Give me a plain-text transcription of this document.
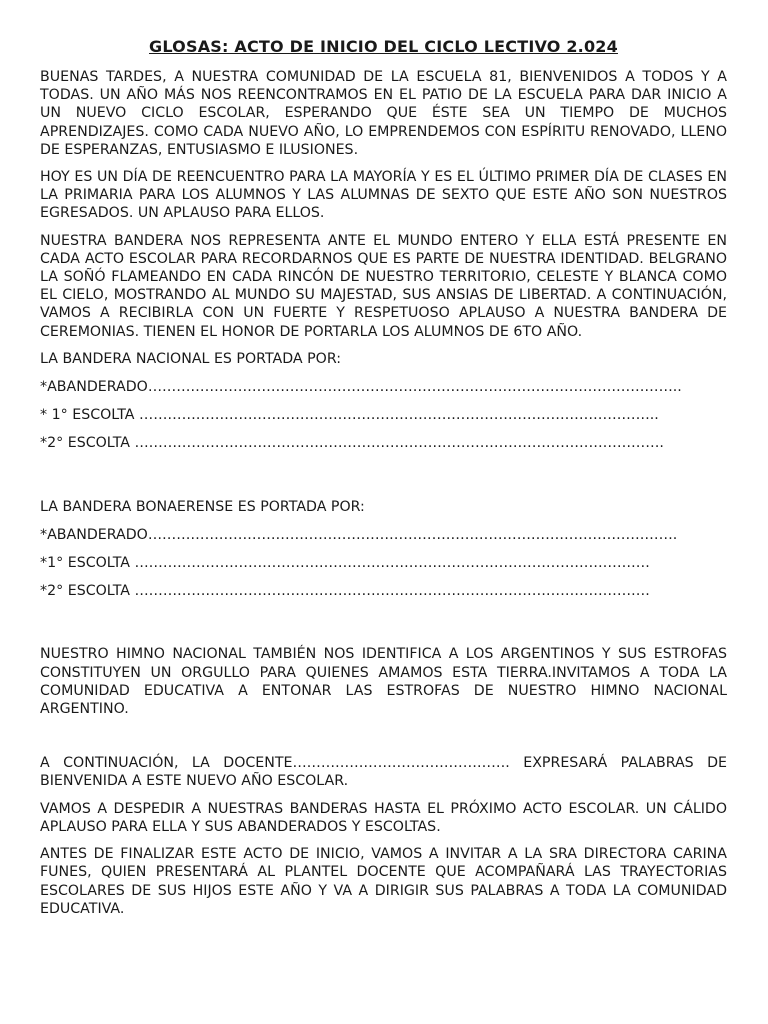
GLOSAS: ACTO DE INICIO DEL CICLO LECTIVO 2.024
BUENAS TARDES, A NUESTRA COMUNIDAD DE LA ESCUELA 81, BIENVENIDOS A TODOS Y A TODAS. UN AÑO MÁS NOS REENCONTRAMOS EN EL PATIO DE LA ESCUELA PARA DAR INICIO A UN NUEVO CICLO ESCOLAR, ESPERANDO QUE ÉSTE SEA UN TIEMPO DE MUCHOS APRENDIZAJES. COMO CADA NUEVO AÑO, LO EMPRENDEMOS CON ESPÍRITU RENOVADO, LLENO DE ESPERANZAS, ENTUSIASMO E ILUSIONES.
HOY ES UN DÍA DE REENCUENTRO PARA LA MAYORÍA Y ES EL ÚLTIMO PRIMER DÍA DE CLASES EN LA PRIMARIA PARA LOS ALUMNOS Y LAS ALUMNAS DE SEXTO QUE ESTE AÑO SON NUESTROS EGRESADOS. UN APLAUSO PARA ELLOS.
NUESTRA BANDERA NOS REPRESENTA ANTE EL MUNDO ENTERO Y ELLA ESTÁ PRESENTE EN CADA ACTO ESCOLAR PARA RECORDARNOS QUE ES PARTE DE NUESTRA IDENTIDAD. BELGRANO LA SOÑÓ FLAMEANDO EN CADA RINCÓN DE NUESTRO TERRITORIO, CELESTE Y BLANCA COMO EL CIELO, MOSTRANDO AL MUNDO SU MAJESTAD, SUS ANSIAS DE LIBERTAD. A CONTINUACIÓN, VAMOS A RECIBIRLA CON UN FUERTE Y RESPETUOSO APLAUSO A NUESTRA BANDERA DE CEREMONIAS. TIENEN EL HONOR DE PORTARLA LOS ALUMNOS DE 6TO AÑO.
LA BANDERA NACIONAL ES PORTADA POR:
*ABANDERADO…………………………………………………………………………………………………..
* 1° ESCOLTA ………………………………………………………………………………………………..
*2° ESCOLTA ………………………………………………………………………………………………….
LA BANDERA BONAERENSE ES PORTADA POR:
*ABANDERADO………………………………………………………………………………………………….
*1° ESCOLTA ……………………………………………………………………………………………….
*2° ESCOLTA ……………………………………………………………………………………………….
NUESTRO HIMNO NACIONAL TAMBIÉN NOS IDENTIFICA A LOS ARGENTINOS Y SUS ESTROFAS CONSTITUYEN UN ORGULLO PARA QUIENES AMAMOS ESTA TIERRA.INVITAMOS A TODA LA COMUNIDAD EDUCATIVA A ENTONAR LAS ESTROFAS DE NUESTRO HIMNO NACIONAL ARGENTINO.
A CONTINUACIÓN, LA DOCENTE………………………………………. EXPRESARÁ PALABRAS DE BIENVENIDA A ESTE NUEVO AÑO ESCOLAR.
VAMOS A DESPEDIR A NUESTRAS BANDERAS HASTA EL PRÓXIMO ACTO ESCOLAR. UN CÁLIDO APLAUSO PARA ELLA Y SUS ABANDERADOS Y ESCOLTAS.
ANTES DE FINALIZAR ESTE ACTO DE INICIO, VAMOS A INVITAR A LA SRA DIRECTORA CARINA FUNES, QUIEN PRESENTARÁ AL PLANTEL DOCENTE QUE ACOMPAÑARÁ LAS TRAYECTORIAS ESCOLARES DE SUS HIJOS ESTE AÑO Y VA A DIRIGIR SUS PALABRAS A TODA LA COMUNIDAD EDUCATIVA.
